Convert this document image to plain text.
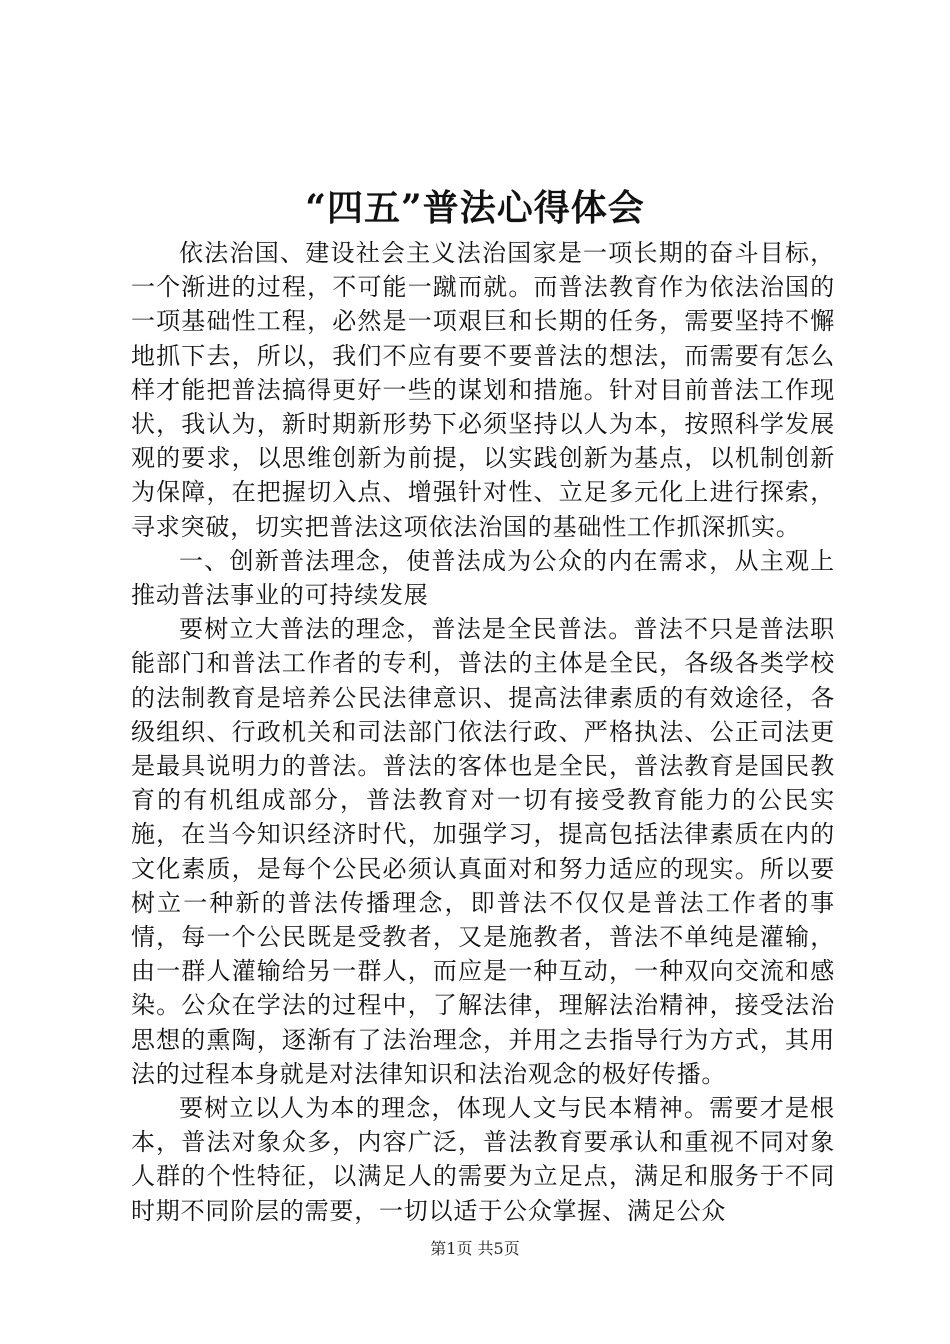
“四五”普法心得体会

依法治国、建设社会主义法治国家是一项长期的奋斗目标，一个渐进的过程，不可能一蹴而就。而普法教育作为依法治国的一项基础性工程，必然是一项艰巨和长期的任务，需要坚持不懈地抓下去，所以，我们不应有要不要普法的想法，而需要有怎么样才能把普法搞得更好一些的谋划和措施。针对目前普法工作现状，我认为，新时期新形势下必须坚持以人为本，按照科学发展观的要求，以思维创新为前提，以实践创新为基点，以机制创新为保障，在把握切入点、增强针对性、立足多元化上进行探索，寻求突破，切实把普法这项依法治国的基础性工作抓深抓实。

一、创新普法理念，使普法成为公众的内在需求，从主观上推动普法事业的可持续发展

要树立大普法的理念，普法是全民普法。普法不只是普法职能部门和普法工作者的专利，普法的主体是全民，各级各类学校的法制教育是培养公民法律意识、提高法律素质的有效途径，各级组织、行政机关和司法部门依法行政、严格执法、公正司法更是最具说明力的普法。普法的客体也是全民，普法教育是国民教育的有机组成部分，普法教育对一切有接受教育能力的公民实施，在当今知识经济时代，加强学习，提高包括法律素质在内的文化素质，是每个公民必须认真面对和努力适应的现实。所以要树立一种新的普法传播理念，即普法不仅仅是普法工作者的事情，每一个公民既是受教者，又是施教者，普法不单纯是灌输，由一群人灌输给另一群人，而应是一种互动，一种双向交流和感染。公众在学法的过程中，了解法律，理解法治精神，接受法治思想的熏陶，逐渐有了法治理念，并用之去指导行为方式，其用法的过程本身就是对法律知识和法治观念的极好传播。

要树立以人为本的理念，体现人文与民本精神。需要才是根本，普法对象众多，内容广泛，普法教育要承认和重视不同对象人群的个性特征，以满足人的需要为立足点，满足和服务于不同时期不同阶层的需要，一切以适于公众掌握、满足公众

第1页 共5页
